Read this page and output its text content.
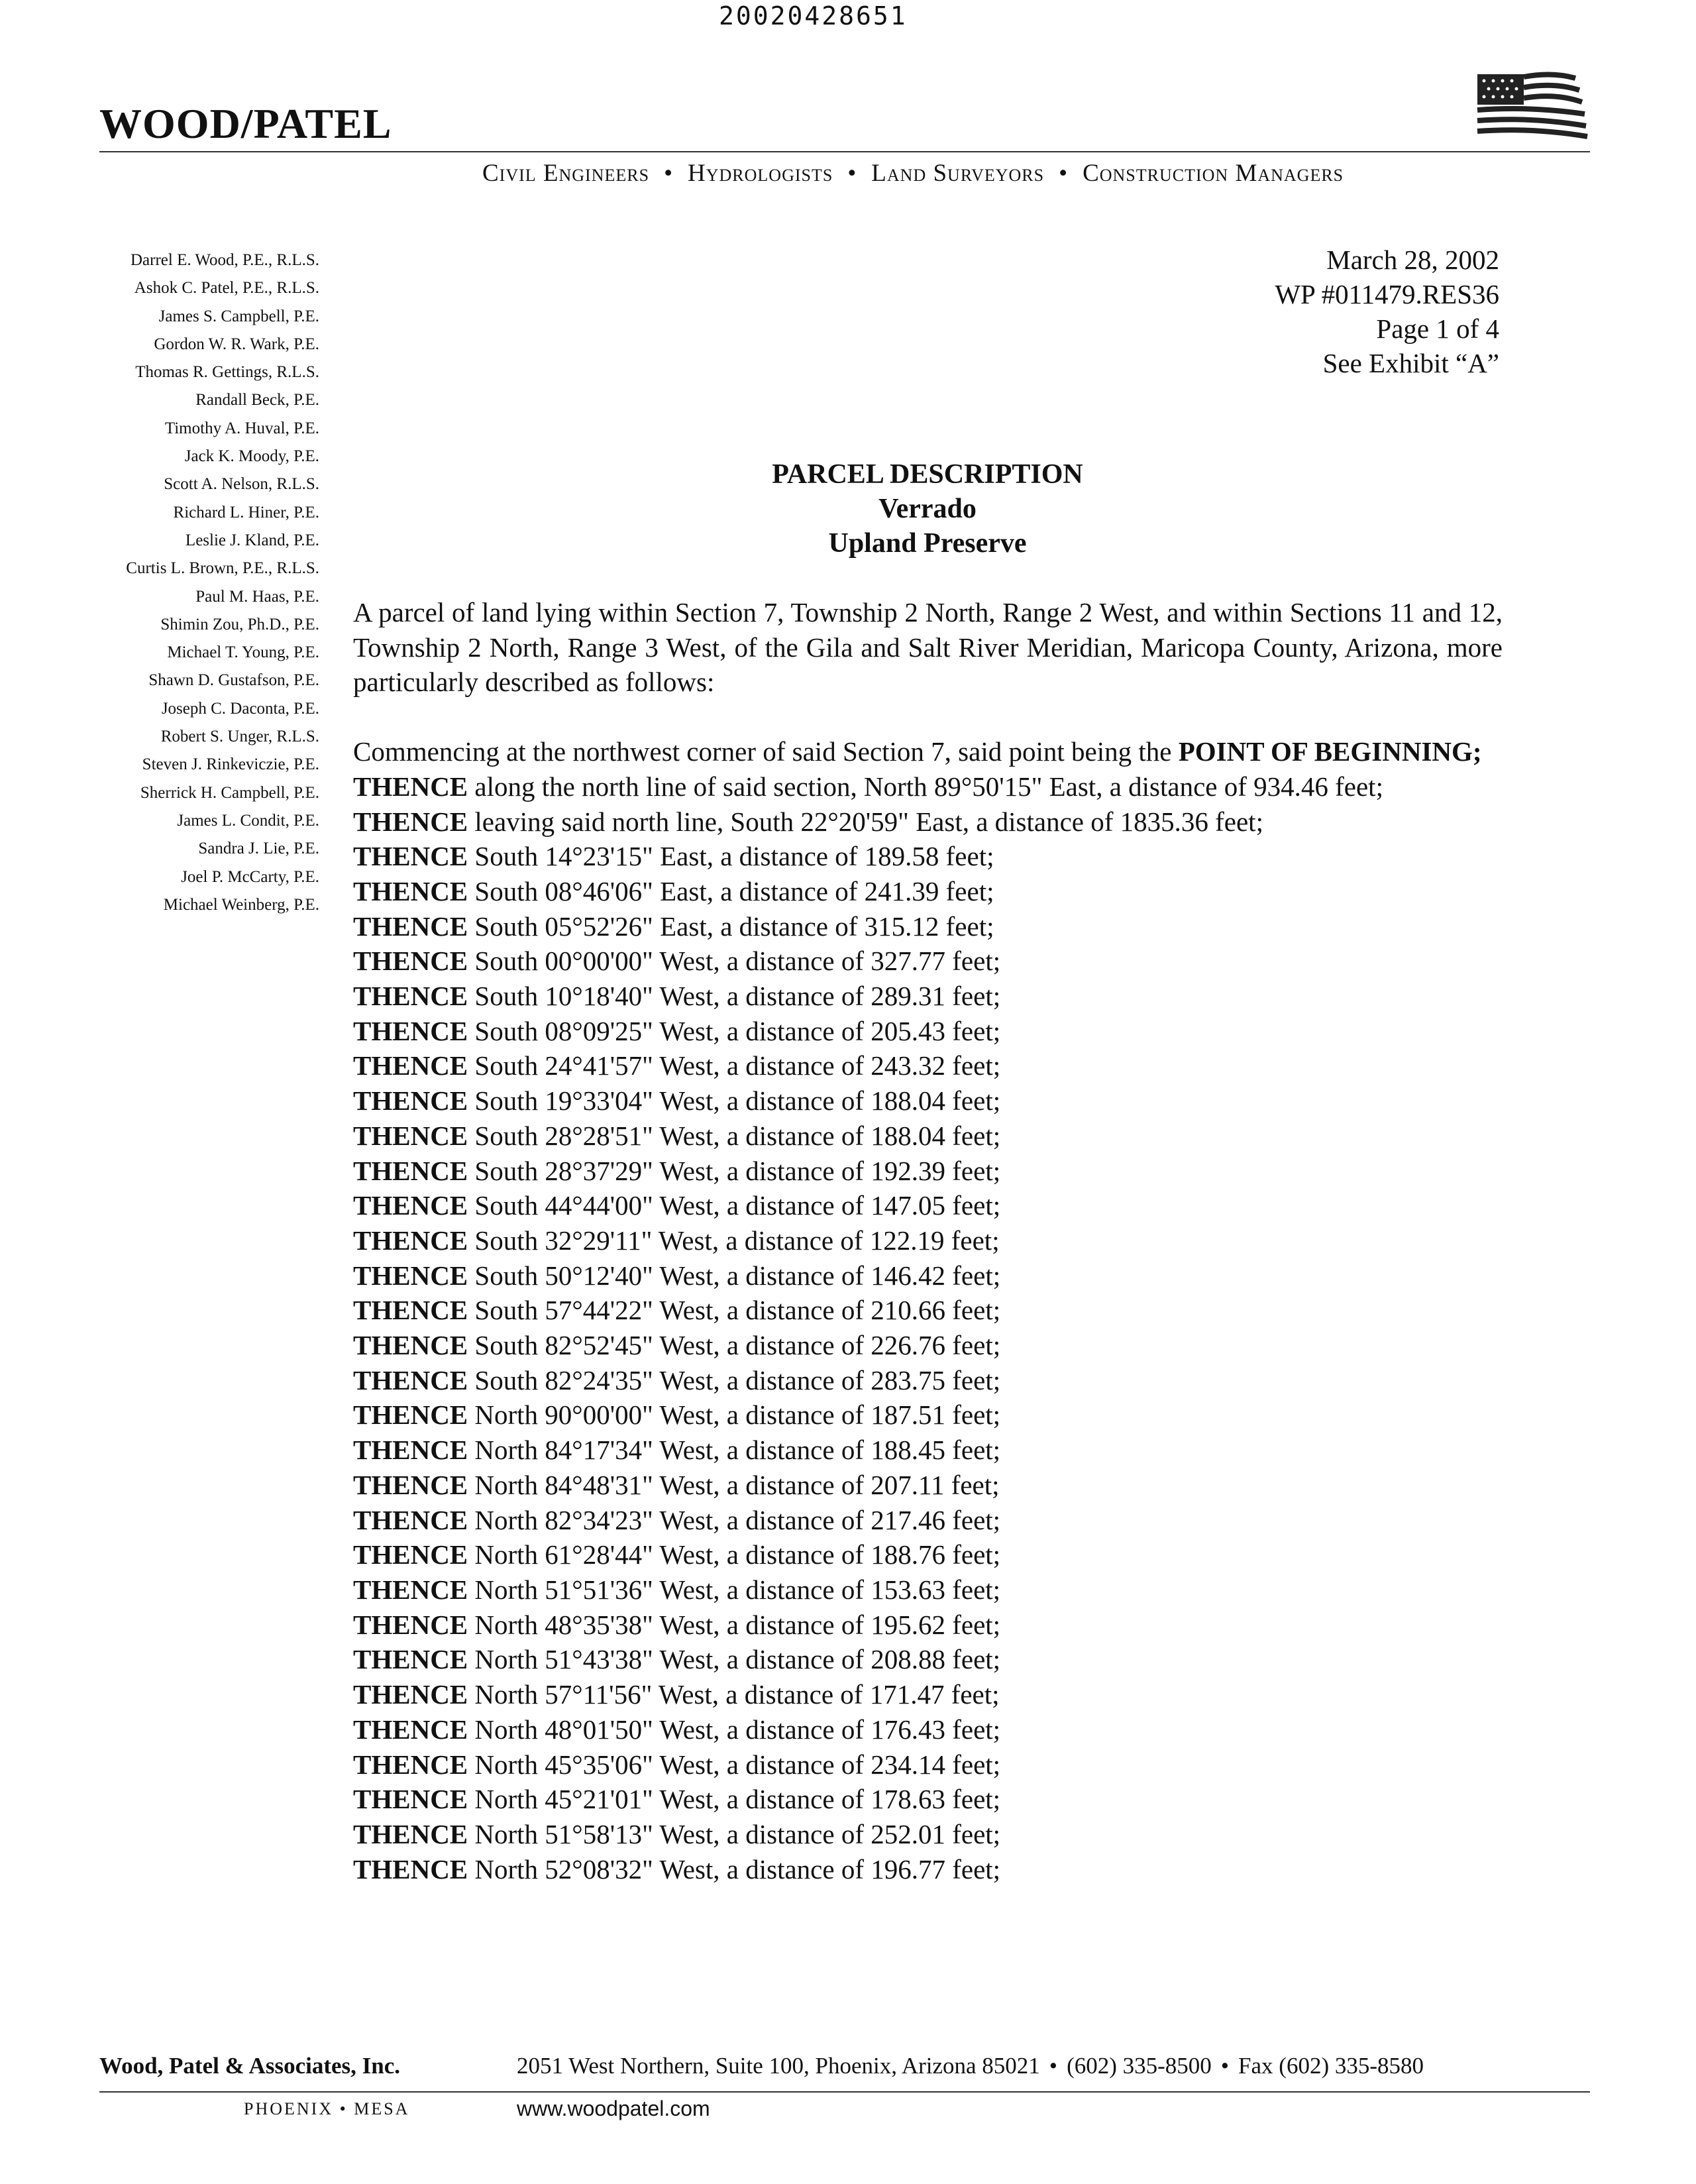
20020428651
WOOD/PATEL
Civil Engineers • Hydrologists • Land Surveyors • Construction Managers
Darrel E. Wood, P.E., R.L.S.
Ashok C. Patel, P.E., R.L.S.
James S. Campbell, P.E.
Gordon W. R. Wark, P.E.
Thomas R. Gettings, R.L.S.
Randall Beck, P.E.
Timothy A. Huval, P.E.
Jack K. Moody, P.E.
Scott A. Nelson, R.L.S.
Richard L. Hiner, P.E.
Leslie J. Kland, P.E.
Curtis L. Brown, P.E., R.L.S.
Paul M. Haas, P.E.
Shimin Zou, Ph.D., P.E.
Michael T. Young, P.E.
Shawn D. Gustafson, P.E.
Joseph C. Daconta, P.E.
Robert S. Unger, R.L.S.
Steven J. Rinkeviczie, P.E.
Sherrick H. Campbell, P.E.
James L. Condit, P.E.
Sandra J. Lie, P.E.
Joel P. McCarty, P.E.
Michael Weinberg, P.E.
March 28, 2002
WP #011479.RES36
Page 1 of 4
See Exhibit “A”
PARCEL DESCRIPTION
Verrado
Upland Preserve

A parcel of land lying within Section 7, Township 2 North, Range 2 West, and within Sections 11 and 12, Township 2 North, Range 3 West, of the Gila and Salt River Meridian, Maricopa County, Arizona, more particularly described as follows:

Commencing at the northwest corner of said Section 7, said point being the POINT OF BEGINNING;

THENCE along the north line of said section, North 89°50'15" East, a distance of 934.46 feet;

THENCE leaving said north line, South 22°20'59" East, a distance of 1835.36 feet;
THENCE South 14°23'15" East, a distance of 189.58 feet;
THENCE South 08°46'06" East, a distance of 241.39 feet;
THENCE South 05°52'26" East, a distance of 315.12 feet;
THENCE South 00°00'00" West, a distance of 327.77 feet;
THENCE South 10°18'40" West, a distance of 289.31 feet;
THENCE South 08°09'25" West, a distance of 205.43 feet;
THENCE South 24°41'57" West, a distance of 243.32 feet;
THENCE South 19°33'04" West, a distance of 188.04 feet;
THENCE South 28°28'51" West, a distance of 188.04 feet;
THENCE South 28°37'29" West, a distance of 192.39 feet;
THENCE South 44°44'00" West, a distance of 147.05 feet;
THENCE South 32°29'11" West, a distance of 122.19 feet;
THENCE South 50°12'40" West, a distance of 146.42 feet;
THENCE South 57°44'22" West, a distance of 210.66 feet;
THENCE South 82°52'45" West, a distance of 226.76 feet;
THENCE South 82°24'35" West, a distance of 283.75 feet;
THENCE North 90°00'00" West, a distance of 187.51 feet;
THENCE North 84°17'34" West, a distance of 188.45 feet;
THENCE North 84°48'31" West, a distance of 207.11 feet;
THENCE North 82°34'23" West, a distance of 217.46 feet;
THENCE North 61°28'44" West, a distance of 188.76 feet;
THENCE North 51°51'36" West, a distance of 153.63 feet;
THENCE North 48°35'38" West, a distance of 195.62 feet;
THENCE North 51°43'38" West, a distance of 208.88 feet;
THENCE North 57°11'56" West, a distance of 171.47 feet;
THENCE North 48°01'50" West, a distance of 176.43 feet;
THENCE North 45°35'06" West, a distance of 234.14 feet;
THENCE North 45°21'01" West, a distance of 178.63 feet;
THENCE North 51°58'13" West, a distance of 252.01 feet;
THENCE North 52°08'32" West, a distance of 196.77 feet;
Wood, Patel & Associates, Inc.	2051 West Northern, Suite 100, Phoenix, Arizona 85021 • (602) 335-8500 • Fax (602) 335-8580
PHOENIX • MESA	www.woodpatel.com
